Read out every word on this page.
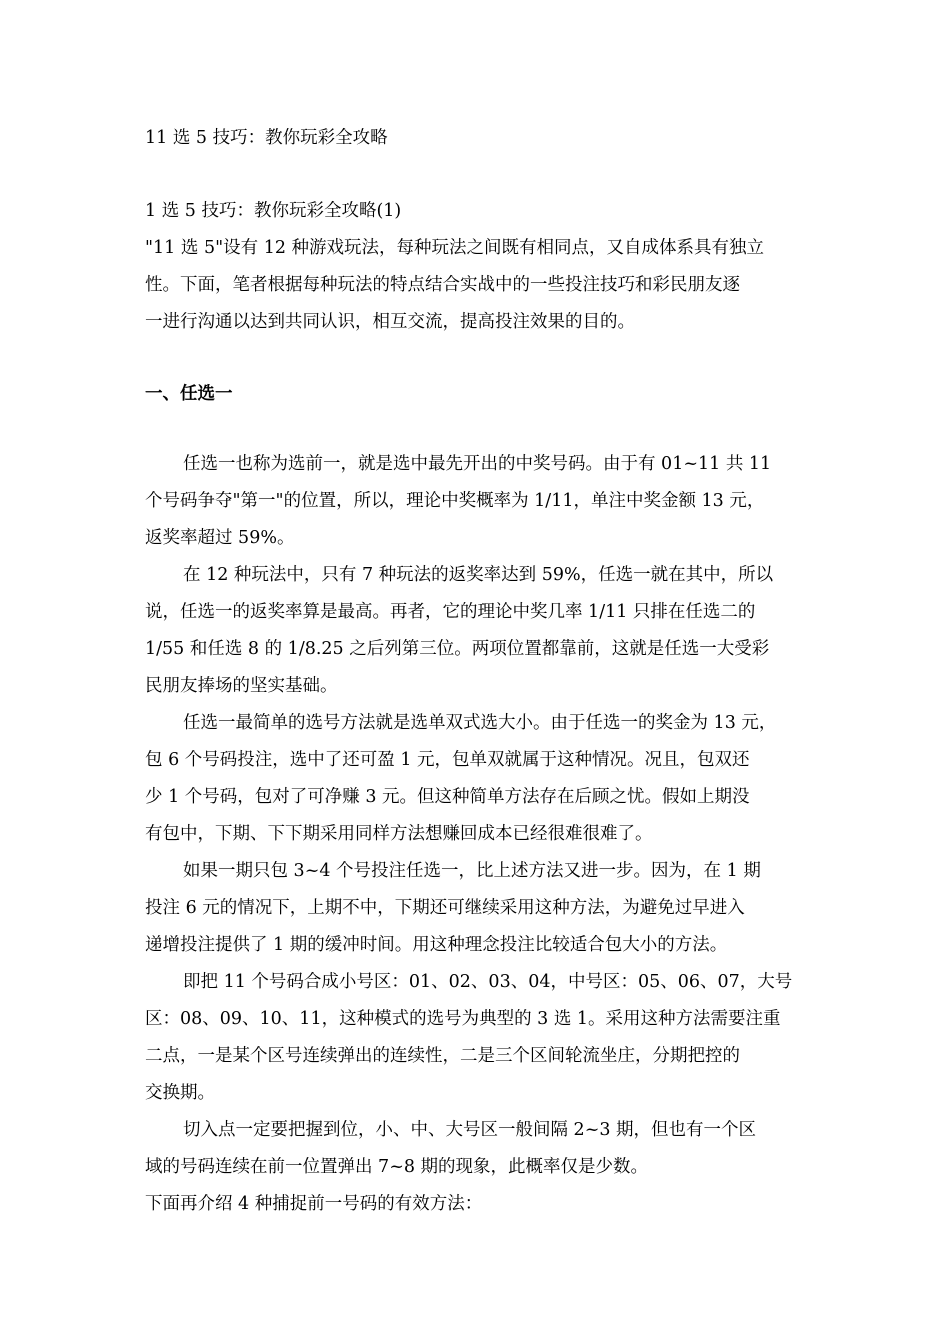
11 选 5 技巧：教你玩彩全攻略

1 选 5 技巧：教你玩彩全攻略(1)

"11 选 5"设有 12 种游戏玩法，每种玩法之间既有相同点，又自成体系具有独立

性。下面，笔者根据每种玩法的特点结合实战中的一些投注技巧和彩民朋友逐

一进行沟通以达到共同认识，相互交流，提高投注效果的目的。

一、任选一

任选一也称为选前一，就是选中最先开出的中奖号码。由于有 01~11 共 11

个号码争夺"第一"的位置，所以，理论中奖概率为 1/11，单注中奖金额 13 元，

返奖率超过 59%。

在 12 种玩法中，只有 7 种玩法的返奖率达到 59%，任选一就在其中，所以

说，任选一的返奖率算是最高。再者，它的理论中奖几率 1/11 只排在任选二的

1/55 和任选 8 的 1/8.25 之后列第三位。两项位置都靠前，这就是任选一大受彩

民朋友捧场的坚实基础。

任选一最简单的选号方法就是选单双式选大小。由于任选一的奖金为 13 元，

包 6 个号码投注，选中了还可盈 1 元，包单双就属于这种情况。况且，包双还

少 1 个号码，包对了可净赚 3 元。但这种简单方法存在后顾之忧。假如上期没

有包中，下期、下下期采用同样方法想赚回成本已经很难很难了。

如果一期只包 3~4 个号投注任选一，比上述方法又进一步。因为，在 1 期

投注 6 元的情况下，上期不中，下期还可继续采用这种方法，为避免过早进入

递增投注提供了 1 期的缓冲时间。用这种理念投注比较适合包大小的方法。

即把 11 个号码合成小号区：01、02、03、04，中号区：05、06、07，大号

区：08、09、10、11，这种模式的选号为典型的 3 选 1。采用这种方法需要注重

二点，一是某个区号连续弹出的连续性，二是三个区间轮流坐庄，分期把控的

交换期。

切入点一定要把握到位，小、中、大号区一般间隔 2~3 期，但也有一个区

域的号码连续在前一位置弹出 7~8 期的现象，此概率仅是少数。

下面再介绍 4 种捕捉前一号码的有效方法：
